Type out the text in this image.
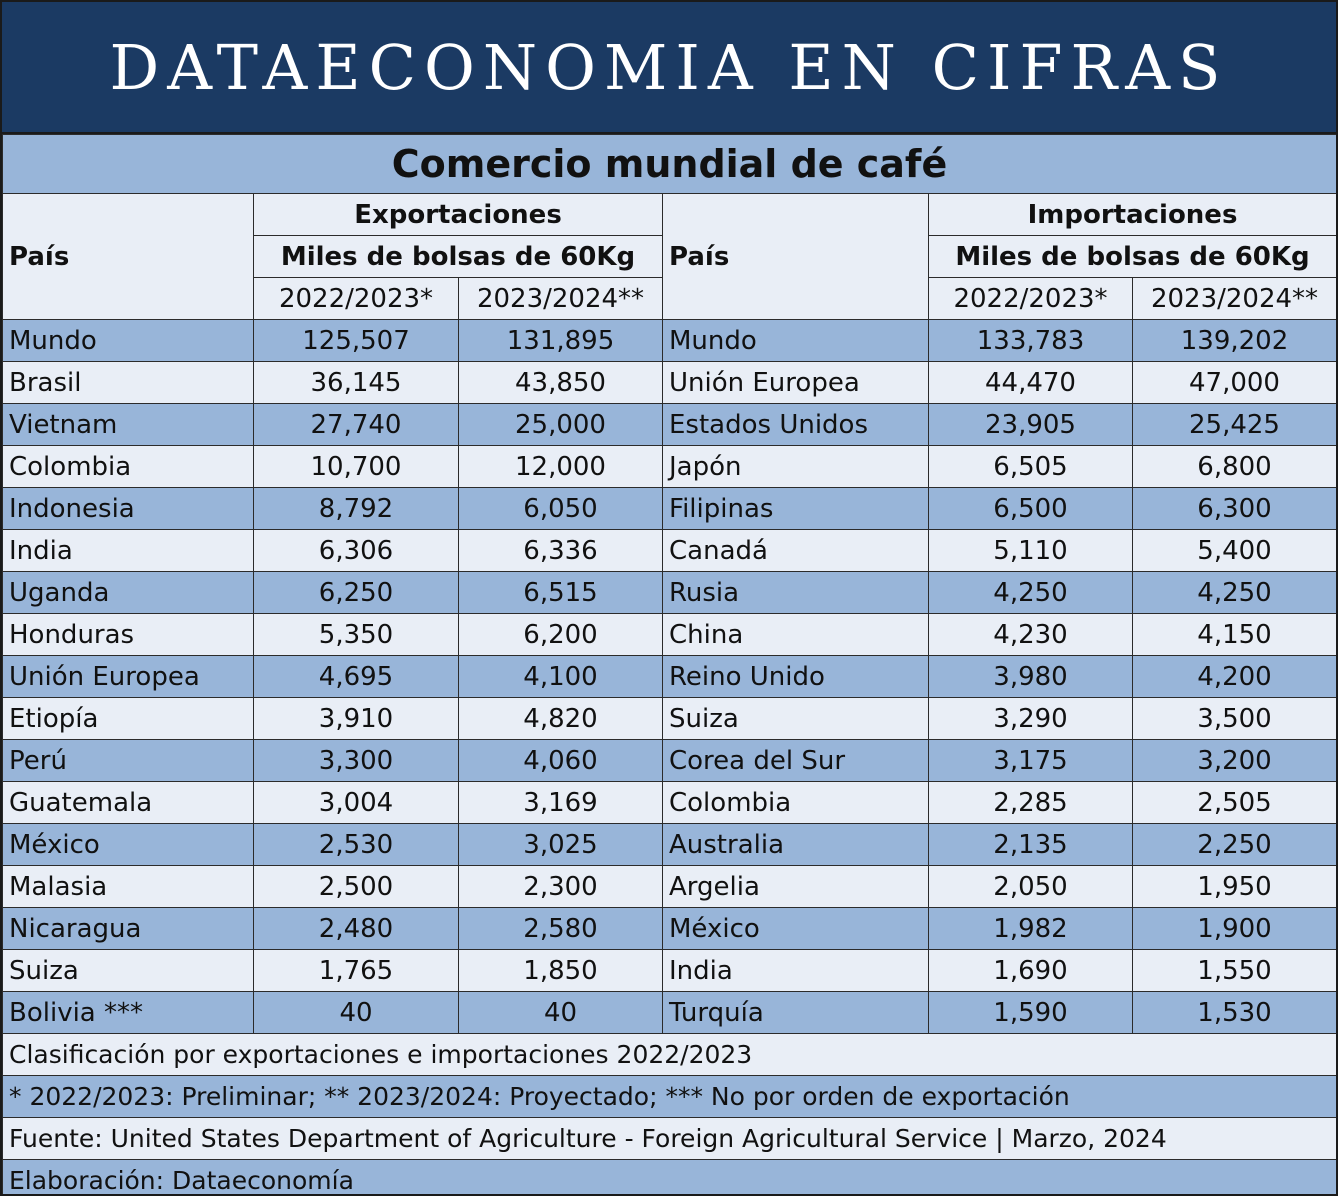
DATAECONOMIA EN CIFRAS
Comercio mundial de café					
País	Exportaciones		País	Importaciones	
	Miles de bolsas de 60Kg			Miles de bolsas de 60Kg	
	2022/2023*	2023/2024**		2022/2023*	2023/2024**
Mundo	125,507	131,895	Mundo	133,783	139,202
Brasil	36,145	43,850	Unión Europea	44,470	47,000
Vietnam	27,740	25,000	Estados Unidos	23,905	25,425
Colombia	10,700	12,000	Japón	6,505	6,800
Indonesia	8,792	6,050	Filipinas	6,500	6,300
India	6,306	6,336	Canadá	5,110	5,400
Uganda	6,250	6,515	Rusia	4,250	4,250
Honduras	5,350	6,200	China	4,230	4,150
Unión Europea	4,695	4,100	Reino Unido	3,980	4,200
Etiopía	3,910	4,820	Suiza	3,290	3,500
Perú	3,300	4,060	Corea del Sur	3,175	3,200
Guatemala	3,004	3,169	Colombia	2,285	2,505
México	2,530	3,025	Australia	2,135	2,250
Malasia	2,500	2,300	Argelia	2,050	1,950
Nicaragua	2,480	2,580	México	1,982	1,900
Suiza	1,765	1,850	India	1,690	1,550
Bolivia ***	40	40	Turquía	1,590	1,530
Clasificación por exportaciones e importaciones 2022/2023					
* 2022/2023: Preliminar; ** 2023/2024: Proyectado; *** No por orden de exportación					
Fuente: United States Department of Agriculture - Foreign Agricultural Service | Marzo, 2024					
Elaboración: Dataeconomía					
